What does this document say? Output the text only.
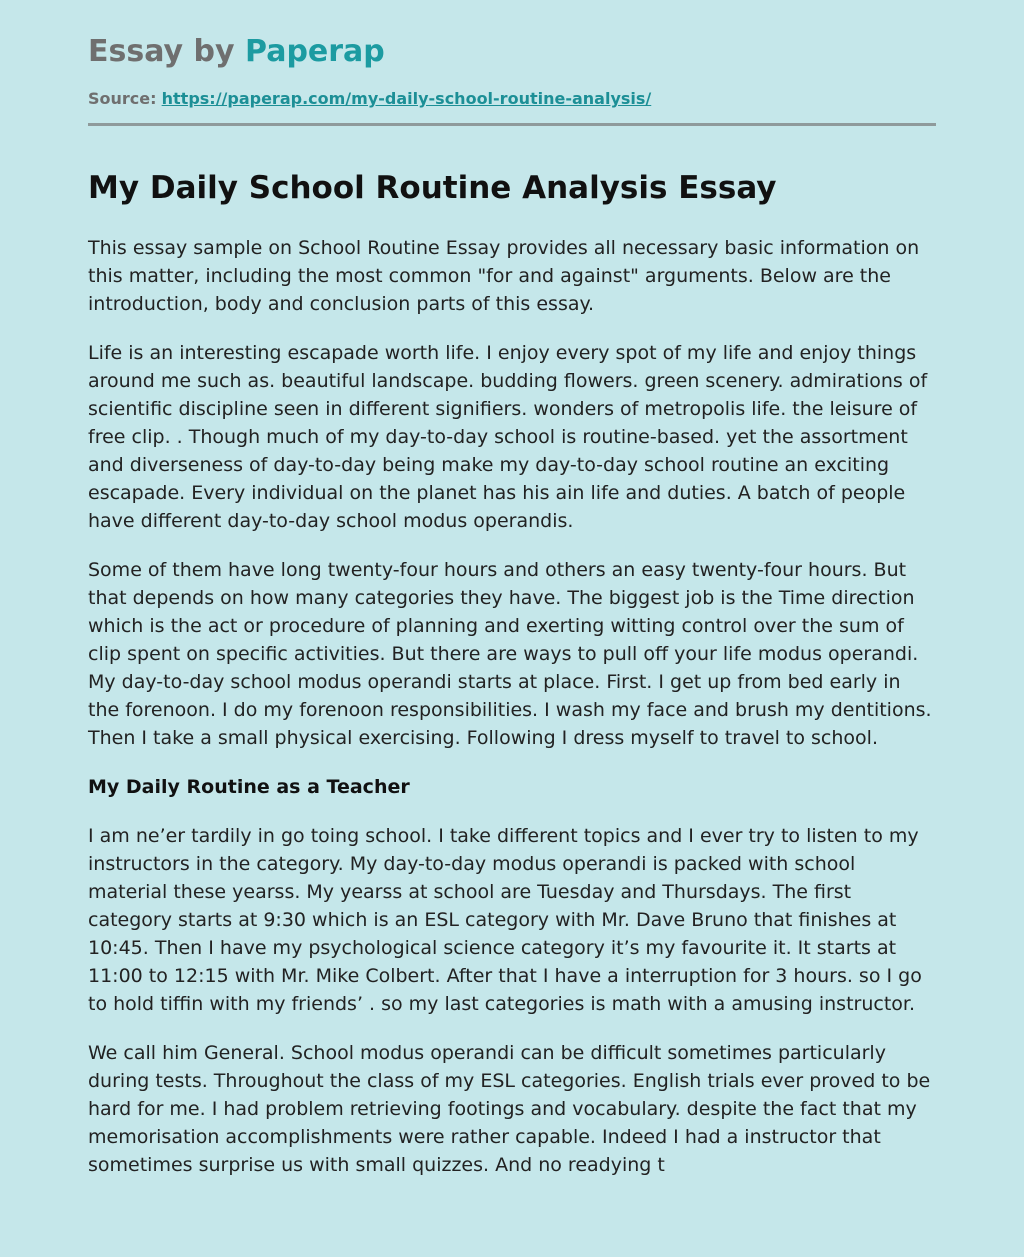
Essay by Paperap
Source: https://paperap.com/my-daily-school-routine-analysis/
My Daily School Routine Analysis Essay

This essay sample on School Routine Essay provides all necessary basic information on this matter, including the most common "for and against" arguments. Below are the introduction, body and conclusion parts of this essay.

Life is an interesting escapade worth life. I enjoy every spot of my life and enjoy things around me such as. beautiful landscape. budding flowers. green scenery. admirations of scientific discipline seen in different signifiers. wonders of metropolis life. the leisure of free clip. . Though much of my day-to-day school is routine-based. yet the assortment and diverseness of day-to-day being make my day-to-day school routine an exciting escapade. Every individual on the planet has his ain life and duties. A batch of people have different day-to-day school modus operandis.

Some of them have long twenty-four hours and others an easy twenty-four hours. But that depends on how many categories they have. The biggest job is the Time direction which is the act or procedure of planning and exerting witting control over the sum of clip spent on specific activities. But there are ways to pull off your life modus operandi. My day-to-day school modus operandi starts at place. First. I get up from bed early in the forenoon. I do my forenoon responsibilities. I wash my face and brush my dentitions. Then I take a small physical exercising. Following I dress myself to travel to school.

My Daily Routine as a Teacher

I am ne’er tardily in go toing school. I take different topics and I ever try to listen to my instructors in the category. My day-to-day modus operandi is packed with school material these yearss. My yearss at school are Tuesday and Thursdays. The first category starts at 9:30 which is an ESL category with Mr. Dave Bruno that finishes at 10:45. Then I have my psychological science category it’s my favourite it. It starts at 11:00 to 12:15 with Mr. Mike Colbert. After that I have a interruption for 3 hours. so I go to hold tiffin with my friends’ . so my last categories is math with a amusing instructor.

We call him General. School modus operandi can be difficult sometimes particularly during tests. Throughout the class of my ESL categories. English trials ever proved to be hard for me. I had problem retrieving footings and vocabulary. despite the fact that my memorisation accomplishments were rather capable. Indeed I had a instructor that sometimes surprise us with small quizzes. And no readying t
